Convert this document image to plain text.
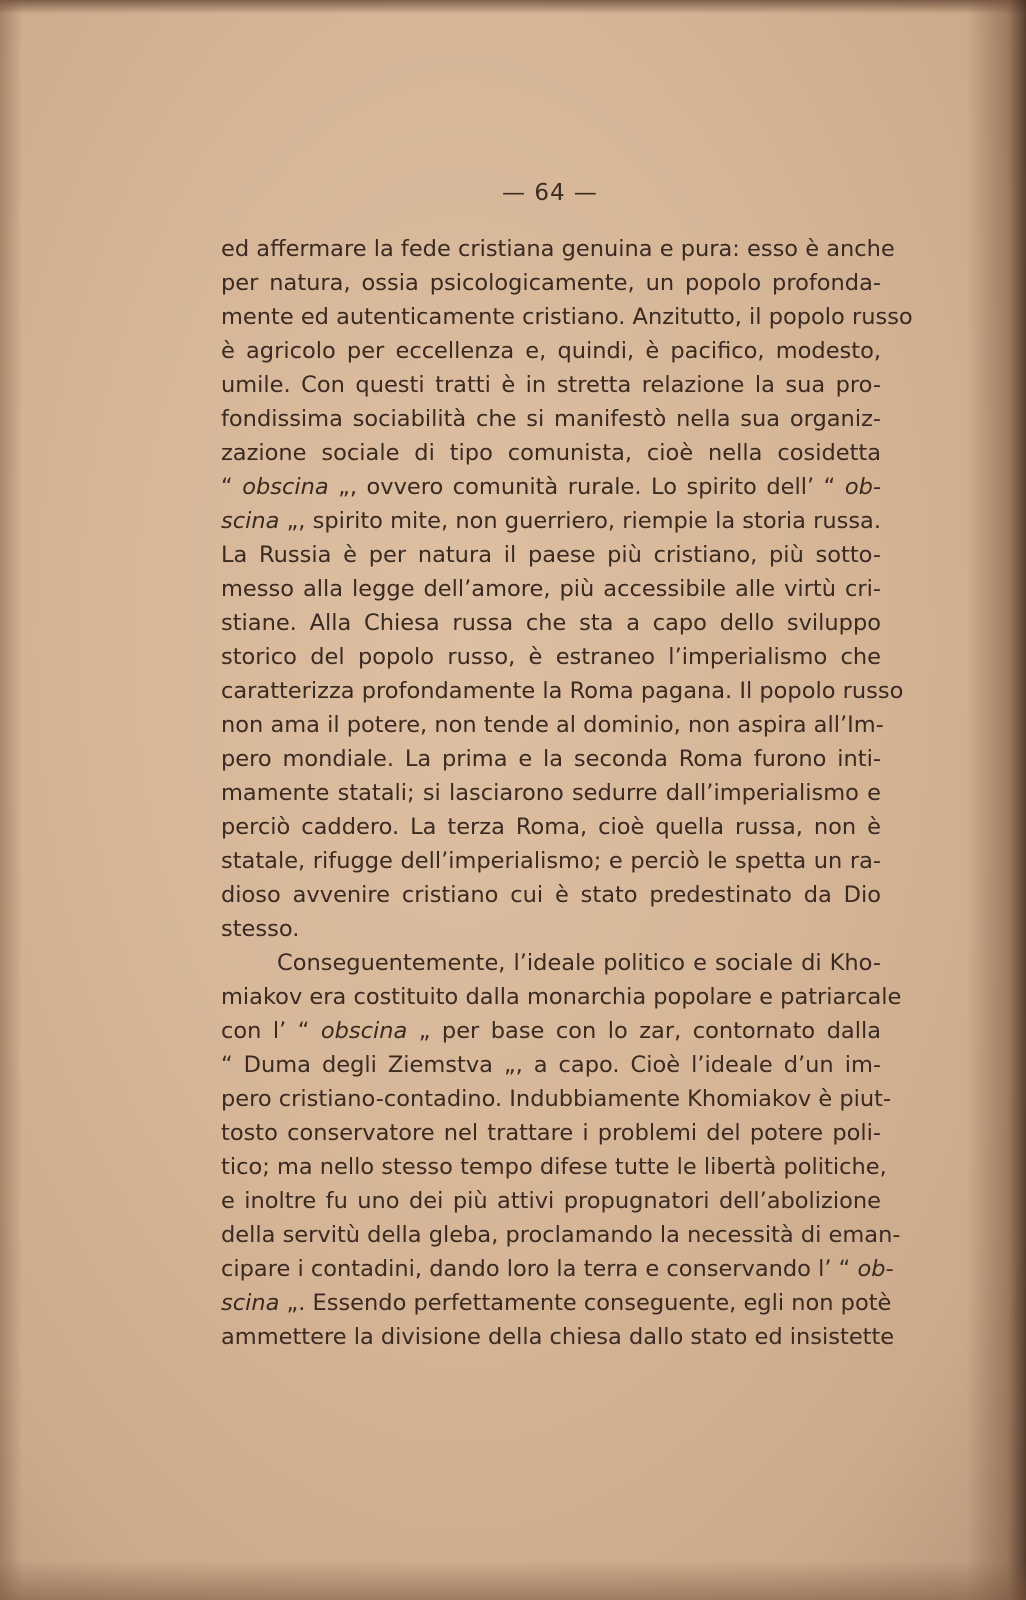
— 64 —
ed affermare la fede cristiana genuina e pura: esso è anche
per natura, ossia psicologicamente, un popolo profonda-
mente ed autenticamente cristiano. Anzitutto, il popolo russo
è agricolo per eccellenza e, quindi, è pacifico, modesto,
umile. Con questi tratti è in stretta relazione la sua pro-
fondissima sociabilità che si manifestò nella sua organiz-
zazione sociale di tipo comunista, cioè nella cosidetta
“ obscina „, ovvero comunità rurale. Lo spirito dell’ “ ob-
scina „, spirito mite, non guerriero, riempie la storia russa.
La Russia è per natura il paese più cristiano, più sotto-
messo alla legge dell’amore, più accessibile alle virtù cri-
stiane. Alla Chiesa russa che sta a capo dello sviluppo
storico del popolo russo, è estraneo l’imperialismo che
caratterizza profondamente la Roma pagana. Il popolo russo
non ama il potere, non tende al dominio, non aspira all’Im-
pero mondiale. La prima e la seconda Roma furono inti-
mamente statali; si lasciarono sedurre dall’imperialismo e
perciò caddero. La terza Roma, cioè quella russa, non è
statale, rifugge dell’imperialismo; e perciò le spetta un ra-
dioso avvenire cristiano cui è stato predestinato da Dio
stesso.
Conseguentemente, l’ideale politico e sociale di Kho-
miakov era costituito dalla monarchia popolare e patriarcale
con l’ “ obscina „ per base con lo zar, contornato dalla
“ Duma degli Ziemstva „, a capo. Cioè l’ideale d’un im-
pero cristiano-contadino. Indubbiamente Khomiakov è piut-
tosto conservatore nel trattare i problemi del potere poli-
tico; ma nello stesso tempo difese tutte le libertà politiche,
e inoltre fu uno dei più attivi propugnatori dell’abolizione
della servitù della gleba, proclamando la necessità di eman-
cipare i contadini, dando loro la terra e conservando l’ “ ob-
scina „. Essendo perfettamente conseguente, egli non potè
ammettere la divisione della chiesa dallo stato ed insistette
